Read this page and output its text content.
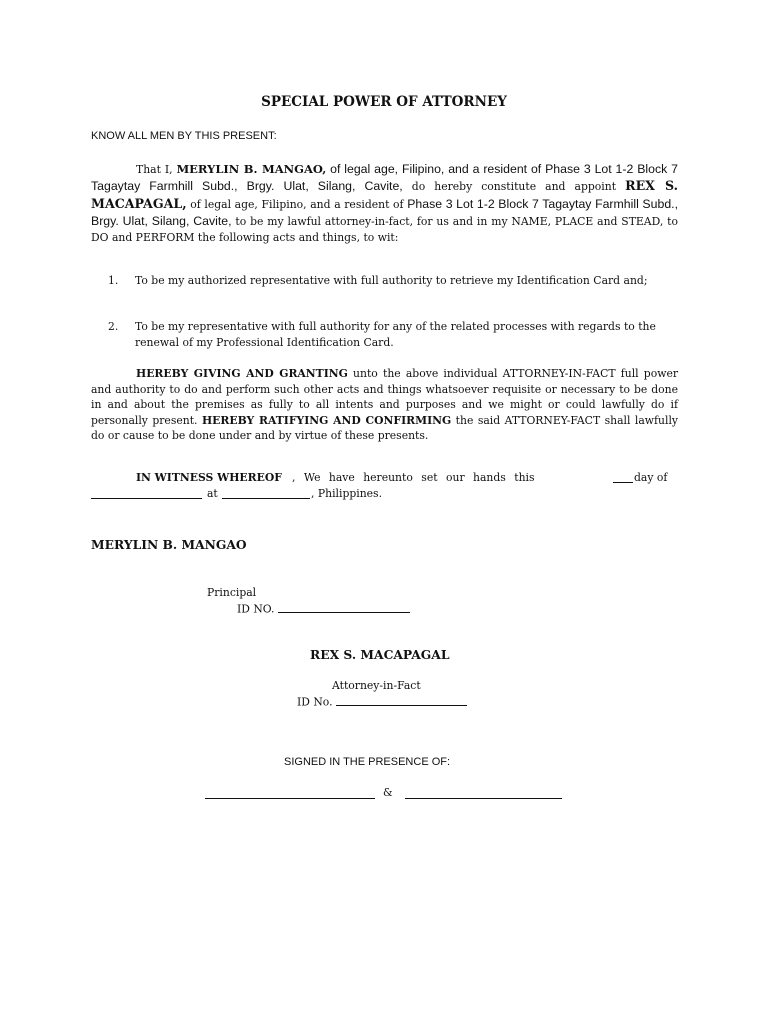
SPECIAL POWER OF ATTORNEY
KNOW ALL MEN BY THIS PRESENT:
That I, MERYLIN B. MANGAO, of legal age, Filipino, and a resident of Phase 3 Lot 1-2 Block 7 Tagaytay Farmhill Subd., Brgy. Ulat, Silang, Cavite, do hereby constitute and appoint REX S. MACAPAGAL, of legal age, Filipino, and a resident of Phase 3 Lot 1-2 Block 7 Tagaytay Farmhill Subd., Brgy. Ulat, Silang, Cavite, to be my lawful attorney-in-fact, for us and in my NAME, PLACE and STEAD, to DO and PERFORM the following acts and things, to wit:
1. To be my authorized representative with full authority to retrieve my Identification Card and;
2. To be my representative with full authority for any of the related processes with regards to the renewal of my Professional Identification Card.
HEREBY GIVING AND GRANTING unto the above individual ATTORNEY-IN-FACT full power and authority to do and perform such other acts and things whatsoever requisite or necessary to be done in and about the premises as fully to all intents and purposes and we might or could lawfully do if personally present. HEREBY RATIFYING AND CONFIRMING the said ATTORNEY-FACT shall lawfully do or cause to be done under and by virtue of these presents.
IN WITNESS WHEREOF , We have hereunto set our hands this	day of
at	, Philippines.
MERYLIN B. MANGAO
Principal
ID NO.
REX S. MACAPAGAL
Attorney-in-Fact
ID No.
SIGNED IN THE PRESENCE OF:
&
